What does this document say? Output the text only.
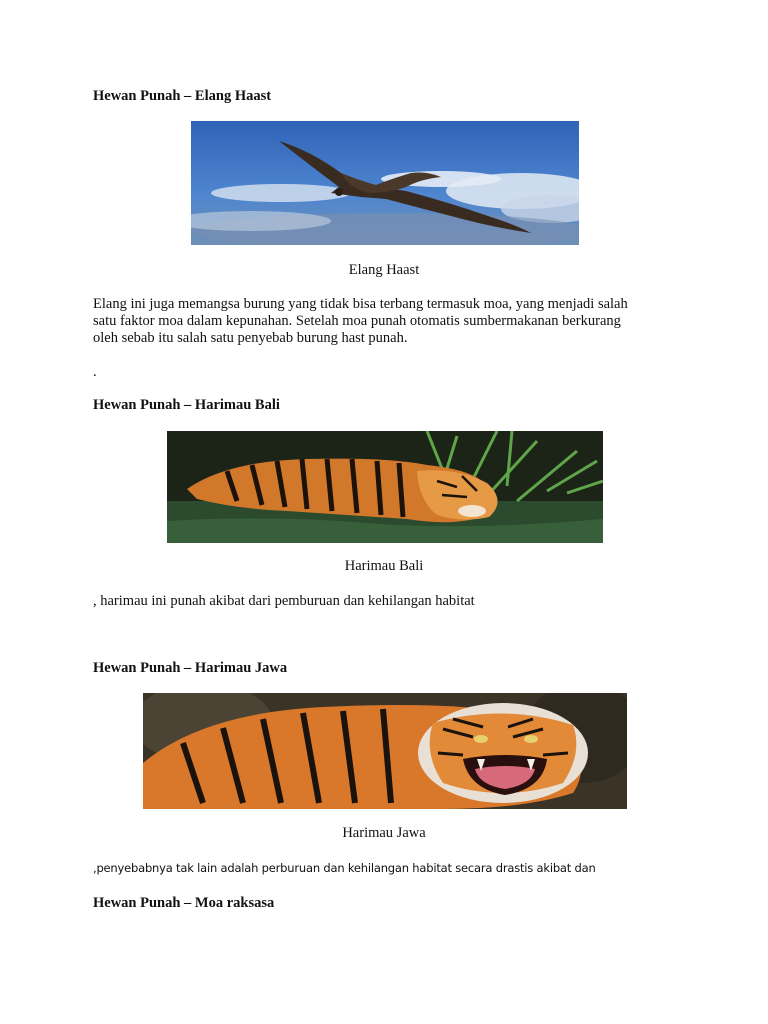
Hewan Punah – Elang Haast
Elang Haast
Elang ini juga memangsa burung yang tidak bisa terbang termasuk moa, yang menjadi salah
satu faktor moa dalam kepunahan. Setelah moa punah otomatis sumbermakanan berkurang
oleh sebab itu salah satu penyebab burung hast punah.
.
Hewan Punah – Harimau Bali
Harimau Bali
, harimau ini punah akibat dari pemburuan dan kehilangan habitat
Hewan Punah – Harimau Jawa
Harimau Jawa
,penyebabnya tak lain adalah perburuan dan kehilangan habitat secara drastis akibat dan
Hewan Punah – Moa raksasa
